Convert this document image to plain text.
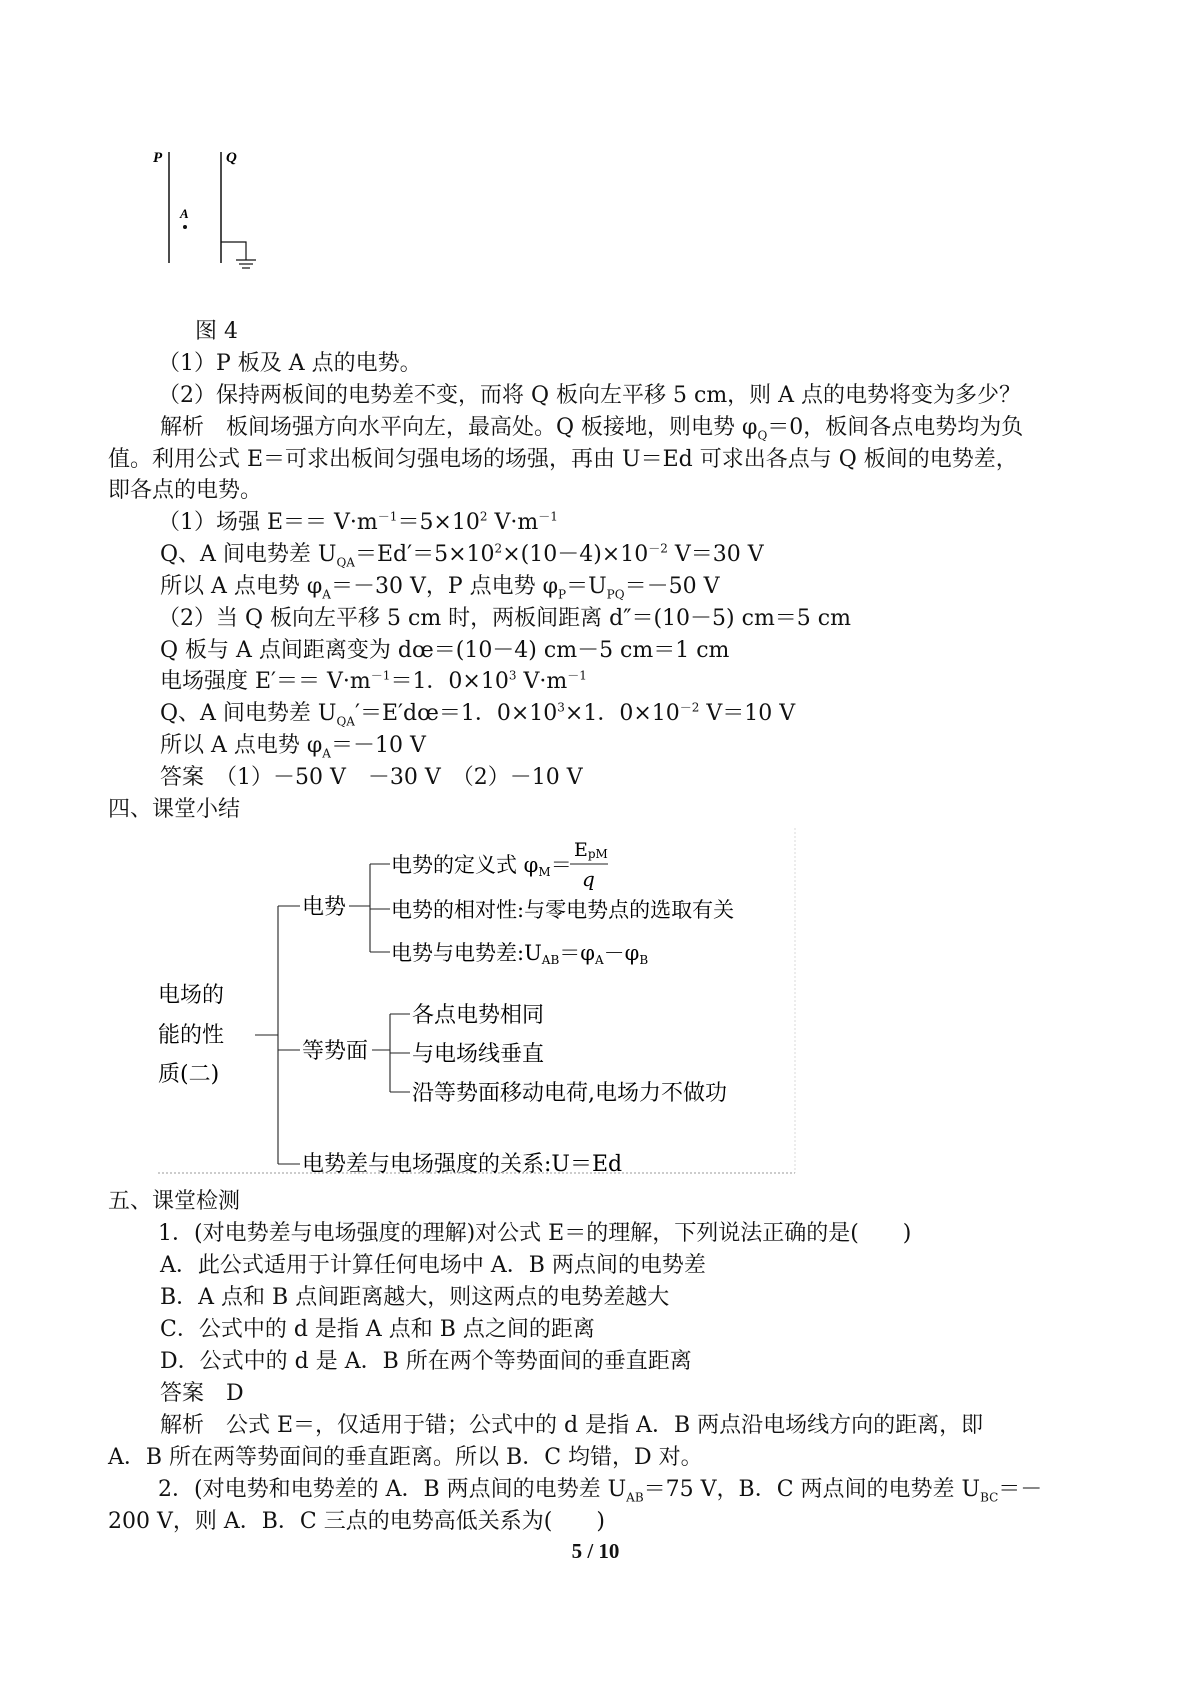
P	Q
A
图 4
（1）P 板及 A 点的电势。
（2）保持两板间的电势差不变，而将 Q 板向左平移 5 cm，则 A 点的电势将变为多少？
解析　板间场强方向水平向左，最高处。Q 板接地，则电势 $\varphi_Q=0$，板间各点电势均为负
值。利用公式 E＝可求出板间匀强电场的场强，再由 U＝Ed 可求出各点与 Q 板间的电势差，
即各点的电势。
（1）场强 $E== V\cdot m^{-1}=5\times 10^2$ $V\cdot m^{-1}$
Q、A 间电势差 $U_{QA}=Ed'=5\times 10^2\times(10-4)\times 10^{-2}$ V＝30 V
所以 A 点电势 $\varphi_A=-30$ V，P 点电势 $\varphi_P=U_{PQ}=-50$ V
（2）当 Q 板向左平移 5 cm 时，两板间距离 d″＝(10－5) cm＝5 cm
Q 板与 A 点间距离变为 dœ＝(10－4) cm－5 cm＝1 cm
电场强度 $E'== V\cdot m^{-1}=1$．$0\times 10^3$ $V\cdot m^{-1}$
Q、A 间电势差 $U_{QA}'=E'dœ=1$．$0\times 10^3\times 1$．$0\times 10^{-2}$ V＝10 V
所以 A 点电势 $\varphi_A=-10$ V
答案　（1）－50 V　－30 V　（2）－10 V
四、课堂小结
电场的
能的性
质(二)
电势
电势的定义式 φM＝
EpM
q
电势的相对性:与零电势点的选取有关
电势与电势差:UAB＝φA－φB
等势面
各点电势相同
与电场线垂直
沿等势面移动电荷,电场力不做功
电势差与电场强度的关系:U＝Ed
五、课堂检测
1．(对电势差与电场强度的理解)对公式 E＝的理解，下列说法正确的是(　　)
A．此公式适用于计算任何电场中 A．B 两点间的电势差
B．A 点和 B 点间距离越大，则这两点的电势差越大
C．公式中的 d 是指 A 点和 B 点之间的距离
D．公式中的 d 是 A．B 所在两个等势面间的垂直距离
答案　D
解析　公式 E＝，仅适用于错；公式中的 d 是指 A．B 两点沿电场线方向的距离，即
A．B 所在两等势面间的垂直距离。所以 B．C 均错，D 对。
2．(对电势和电势差的 A．B 两点间的电势差 $U_{AB}=75$ V，B．C 两点间的电势差 $U_{BC}=-$
200 V，则 A．B．C 三点的电势高低关系为(　　)
5 / 10
